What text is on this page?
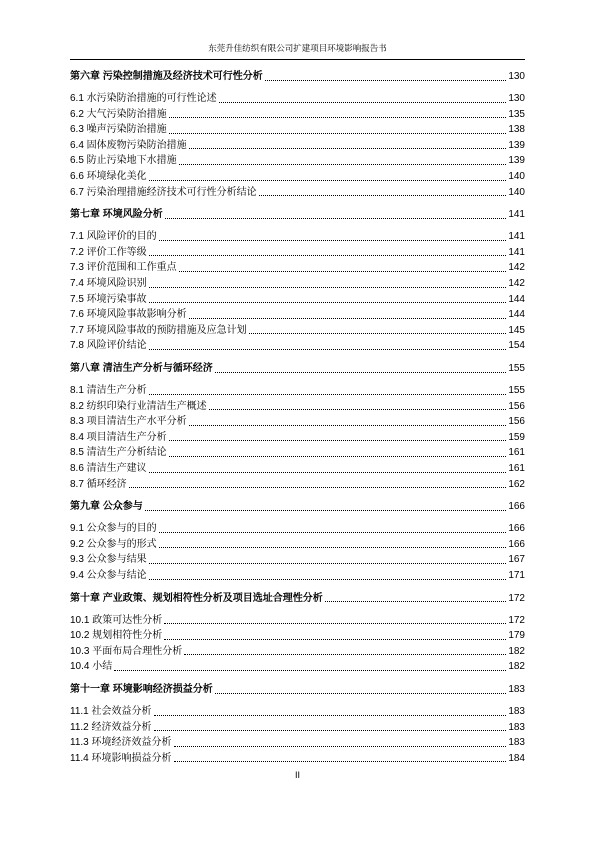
东莞升佳纺织有限公司扩建项目环境影响报告书
第六章 污染控制措施及经济技术可行性分析	130
6.1 水污染防治措施的可行性论述	130
6.2 大气污染防治措施	135
6.3 噪声污染防治措施	138
6.4 固体废物污染防治措施	139
6.5 防止污染地下水措施	139
6.6 环境绿化美化	140
6.7 污染治理措施经济技术可行性分析结论	140
第七章 环境风险分析	141
7.1 风险评价的目的	141
7.2 评价工作等级	141
7.3 评价范围和工作重点	142
7.4 环境风险识别	142
7.5 环境污染事故	144
7.6 环境风险事故影响分析	144
7.7 环境风险事故的预防措施及应急计划	145
7.8 风险评价结论	154
第八章 清洁生产分析与循环经济	155
8.1 清洁生产分析	155
8.2 纺织印染行业清洁生产概述	156
8.3 项目清洁生产水平分析	156
8.4 项目清洁生产分析	159
8.5 清洁生产分析结论	161
8.6 清洁生产建议	161
8.7 循环经济	162
第九章 公众参与	166
9.1 公众参与的目的	166
9.2 公众参与的形式	166
9.3 公众参与结果	167
9.4 公众参与结论	171
第十章 产业政策、规划相符性分析及项目选址合理性分析	172
10.1 政策可达性分析	172
10.2 规划相符性分析	179
10.3 平面布局合理性分析	182
10.4 小结	182
第十一章 环境影响经济损益分析	183
11.1 社会效益分析	183
11.2 经济效益分析	183
11.3 环境经济效益分析	183
11.4 环境影响损益分析	184
II
